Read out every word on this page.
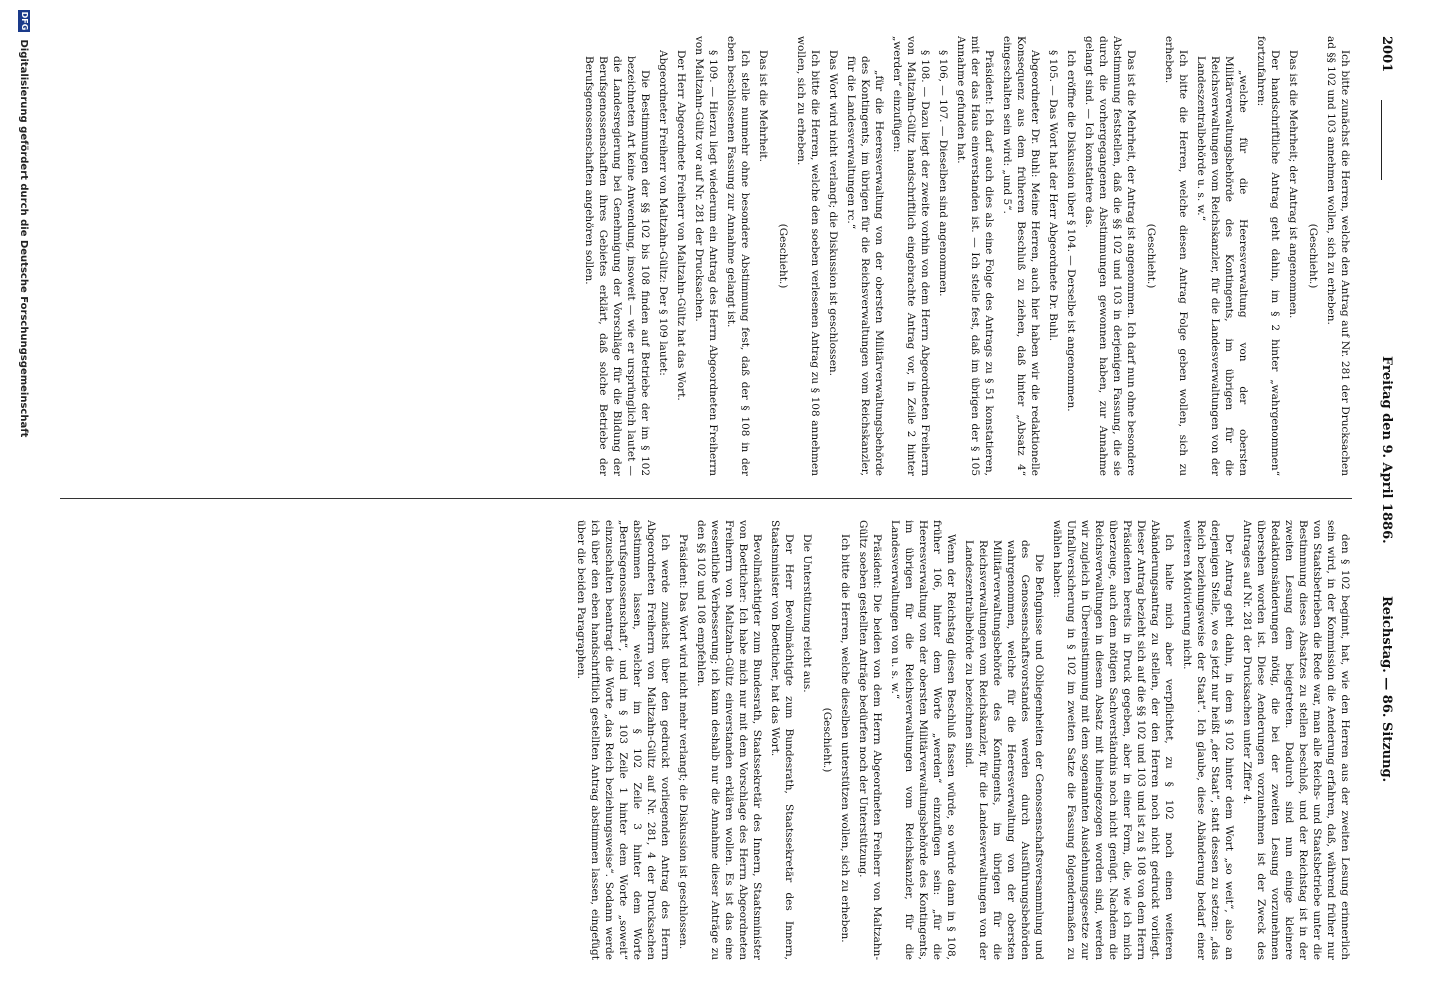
2001
Freitag den 9. April 1886.
Reichstag. — 86. Sitzung.

Ich bitte zunächst die Herren, welche den Antrag auf Nr. 281 der Drucksachen ad §§ 102 und 103 annehmen wollen, sich zu erheben.

(Geschieht.)

Das ist die Mehrheit; der Antrag ist angenommen.

Der handschriftliche Antrag geht dahin, im § 2 hinter „wahrgenommen“ fortzufahren:

„welche für die Heeresverwaltung von der obersten Militärverwaltungsbehörde des Kontingents, im übrigen für die Reichsverwaltungen vom Reichskanzler, für die Landesverwaltungen von der Landeszentralbehörde u. s. w.“

Ich bitte die Herren, welche diesen Antrag Folge geben wollen, sich zu erheben.

(Geschieht.)

Das ist die Mehrheit, der Antrag ist angenommen. Ich darf nun ohne besondere Abstimmung feststellen, daß die §§ 102 und 103 in derjenigen Fassung, die sie durch die vorhergegangenen Abstimmungen gewonnen haben, zur Annahme gelangt sind. — Ich konstatiere das.

Ich eröffne die Diskussion über § 104. — Derselbe ist angenommen.

§ 105. — Das Wort hat der Herr Abgeordnete Dr. Buhl.

Abgeordneter Dr. Buhl: Meine Herren, auch hier haben wir die redaktionelle Konsequenz aus dem früheren Beschluß zu ziehen, daß hinter „Absatz 4“ eingeschalten sein wird: „und 5“.

Präsident: Ich darf auch dies als eine Folge des Antrags zu § 51 konstatieren, mit der das Haus einverstanden ist. — Ich stelle fest, daß im übrigen der § 105 Annahme gefunden hat.

§ 106, — 107. — Dieselben sind angenommen.

§ 108. — Dazu liegt der zweite vorhin von dem Herrn Abgeordneten Freiherrn von Maltzahn-Gültz handschriftlich eingebrachte Antrag vor, in Zeile 2 hinter „werden“ einzufügen:

„für die Heeresverwaltung von der obersten Militärverwaltungsbehörde des Kontingents, im übrigen für die Reichsverwaltungen vom Reichskanzler, für die Landesverwaltungen rc.“

Das Wort wird nicht verlangt; die Diskussion ist geschlossen.

Ich bitte die Herren, welche den soeben verlesenen Antrag zu § 108 annehmen wollen, sich zu erheben.

(Geschieht.)

Das ist die Mehrheit.

Ich stelle nunmehr ohne besondere Abstimmung fest, daß der § 108 in der eben beschlossenen Fassung zur Annahme gelangt ist.

§ 109. — Hierzu liegt wiederum ein Antrag des Herrn Abgeordneten Freiherrn von Maltzahn-Gültz vor auf Nr. 281 der Drucksachen.

Der Herr Abgeordnete Freiherr von Maltzahn-Gültz hat das Wort.

Abgeordneter Freiherr von Maltzahn-Gültz: Der § 109 lautet:

Die Bestimmungen der §§ 102 bis 108 finden auf Betriebe der im § 102 bezeichneten Art keine Anwendung, insoweit — wie er ursprünglich lautet — die Landesregierung bei Genehmigung der Vorschläge für die Bildung der Berufsgenossenschaften ihres Gebietes erklärt, daß solche Betriebe der Berufsgenossenschaften angehören sollen.

den § 102 beginnt, hat, wie den Herren aus der zweiten Lesung erinnerlich sein wird, in der Kommission die Aenderung erfahren, daß, während früher nur von Staatsbetrieben die Rede war, man alle Reichs- und Staatsbetriebe unter die Bestimmung dieses Absatzes zu stellen beschloß, und der Reichstag ist in der zweiten Lesung dem beigetreten. Dadurch sind nun einige kleinere Redaktionsänderungen nötig, die bei der zweiten Lesung vorzunehmen übersehen worden ist. Diese Aenderungen vorzunehmen ist der Zweck des Antrages auf Nr. 281 der Drucksachen unter Ziffer 4.

Der Antrag geht dahin, in dem § 102 hinter dem Wort „so weit“, also an derjenigen Stelle, wo es jetzt nur heißt „der Staat“, statt dessen zu setzen: „das Reich beziehungsweise der Staat“. Ich glaube, diese Abänderung bedarf einer weiteren Motivierung nicht.

Ich halte mich aber verpflichtet, zu § 102 noch einen weiteren Abänderungsantrag zu stellen, der den Herren noch nicht gedruckt vorliegt. Dieser Antrag bezieht sich auf die §§ 102 und 103 und ist zu § 108 von dem Herrn Präsidenten bereits in Druck gegeben, aber in einer Form, die, wie ich mich überzeuge, auch dem nötigen Sachverständnis noch nicht genügt. Nachdem die Reichsverwaltungen in diesem Absatz mit hineingezogen worden sind, werden wir zugleich in Übereinstimmung mit dem sogenannten Ausdehnungsgesetze zur Unfallversicherung in § 102 im zweiten Satze die Fassung folgendermaßen zu wählen haben:

Die Befugnisse und Obliegenheiten der Genossenschaftsversammlung und des Genossenschaftsvorstandes werden durch Ausführungsbehörden wahrgenommen, welche für die Heeresverwaltung von der obersten Militärverwaltungsbehörde des Kontingents, im übrigen für die Reichsverwaltungen vom Reichskanzler, für die Landesverwaltungen von der Landeszentralbehörde zu bezeichnen sind.

Wenn der Reichstag diesen Beschluß fassen würde, so würde dann in § 108, früher 106, hinter dem Worte „werden“ einzufügen sein: „für die Heeresverwaltung von der obersten Militärverwaltungsbehörde des Kontingents, im übrigen für die Reichsverwaltungen vom Reichskanzler, für die Landesverwaltungen von u. s. w.“

Präsident: Die beiden von dem Herrn Abgeordneten Freiherr von Maltzahn-Gültz soeben gestellten Anträge bedürfen noch der Unterstützung.

Ich bitte die Herren, welche dieselben unterstützen wollen, sich zu erheben.

(Geschieht.)

Die Unterstützung reicht aus.

Der Herr Bevollmächtigte zum Bundesrath, Staatssekretär des Innern, Staatsminister von Boetticher, hat das Wort.

Bevollmächtigter zum Bundesrath, Staatssekretär des Innern, Staatsminister von Boetticher: Ich habe mich nur mit dem Vorschlage des Herrn Abgeordneten Freiherrn von Maltzahn-Gültz einverstanden erklären wollen. Es ist das eine wesentliche Verbesserung; ich kann deshalb nur die Annahme dieser Anträge zu den §§ 102 und 108 empfehlen.

Präsident: Das Wort wird nicht mehr verlangt; die Diskussion ist geschlossen.

Ich werde zunächst über den gedruckt vorliegenden Antrag des Herrn Abgeordneten Freiherrn von Maltzahn-Gültz auf Nr. 281, 4 der Drucksachen abstimmen lassen, welcher im § 102 Zeile 3 hinter dem Worte „Berufsgenossenschaft“, und im § 103 Zeile 1 hinter dem Worte „soweit“ einzuschalten beantragt die Worte „das Reich beziehungsweise“. Sodann werde ich über den eben handschriftlich gestellten Antrag abstimmen lassen, eingefügt über die beiden Paragraphen.

DFG Digitalisierung gefördert durch die Deutsche Forschungsgemeinschaft
